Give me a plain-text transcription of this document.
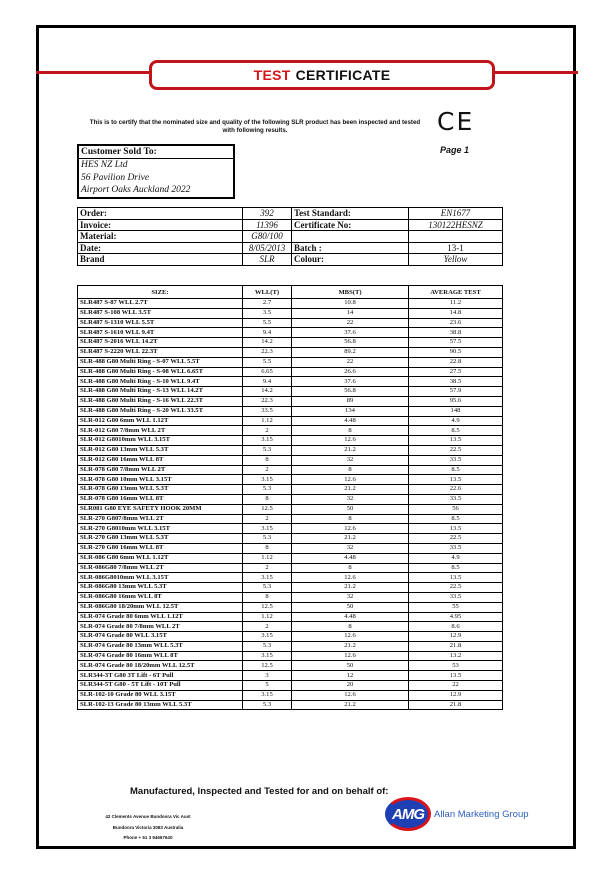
TEST CERTIFICATE
This is to certify that the nominated size and quality of the following SLR product has been inspected and tested with following results.	CE
Page 1
Customer Sold To:
HES NZ Ltd
56 Pavilion Drive
Airport Oaks Auckland 2022
Order:	392	Test Standard:	EN1677
Invoice:	11396	Certificate No:	130122HESNZ
Material:	G80/100		
Date:	8/05/2013	Batch :	13-1
Brand	SLR	Colour:	Yellow
SIZE:	WLL(T)	MBS(T)	AVERAGE TEST
SLR487 S-87 WLL 2.7T	2.7	10.8	11.2
SLR487 S-108 WLL 3.5T	3.5	14	14.8
SLR487 S-1310 WLL 5.5T	5.5	22	23.6
SLR487 S-1610 WLL 9.4T	9.4	37.6	38.8
SLR487 S-2016 WLL 14.2T	14.2	56.8	57.5
SLR487 S-2220 WLL 22.3T	22.3	89.2	90.5
SLR-488 G80 Multi Ring - S-07 WLL 5.5T	5.5	22	22.8
SLR-488 G80 Multi Ring - S-08 WLL 6.65T	6.65	26.6	27.5
SLR-488 G80 Multi Ring - S-10 WLL 9.4T	9.4	37.6	38.5
SLR-488 G80 Multi Ring - S-13 WLL 14.2T	14.2	56.8	57.9
SLR-488 G80 Multi Ring - S-16 WLL 22.3T	22.3	89	95.6
SLR-488 G80 Multi Ring - S-20 WLL 33.5T	33.5	134	148
SLR-012 G80 6mm WLL 1.12T	1.12	4.48	4.9
SLR-012 G80 7/8mm WLL 2T	2	8	8.5
SLR-012 G8010mm WLL 3.15T	3.15	12.6	13.5
SLR-012 G80 13mm WLL 5.3T	5.3	21.2	22.5
SLR-012 G80 16mm WLL 8T	8	32	33.5
SLR-078 G80 7/8mm WLL 2T	2	8	8.5
SLR-078 G80 10mm WLL 3.15T	3.15	12.6	13.5
SLR-078 G80 13mm WLL 5.3T	5.3	21.2	22.6
SLR-078 G80 16mm WLL 8T	8	32	33.5
SLR081 G80 EYE SAFETY HOOK 20MM	12.5	50	56
SLR-270 G807/8mm WLL 2T	2	8	8.5
SLR-270 G8010mm WLL 3.15T	3.15	12.6	13.5
SLR-270 G80 13mm WLL 5.3T	5.3	21.2	22.5
SLR-270 G80 16mm WLL 8T	8	32	33.5
SLR-086 G80 6mm WLL 1.12T	1.12	4.48	4.9
SLR-086G80 7/8mm WLL 2T	2	8	8.5
SLR-086G8010mm WLL 3.15T	3.15	12.6	13.5
SLR-086G80 13mm WLL 5.3T	5.3	21.2	22.5
SLR-086G80 16mm WLL 8T	8	32	33.5
SLR-086G80 18/20mm WLL 12.5T	12.5	50	55
SLR-074 Grade 80 6mm WLL 1.12T	1.12	4.48	4.95
SLR-074 Grade 80 7/8mm WLL 2T	2	8	8.6
SLR-074 Grade 80 WLL 3.15T	3.15	12.6	12.9
SLR-074 Grade 80 13mm WLL 5.3T	5.3	21.2	21.8
SLR-074 Grade 80 16mm WLL 8T	3.15	12.6	13.2
SLR-074 Grade 80 18/20mm WLL 12.5T	12.5	50	53
SLR344-3T G80 3T Lift - 6T Pull	3	12	13.5
SLR344-5T G80 - 5T Lift - 10T Pull	5	20	22
SLR-102-10 Grade 80 WLL 3.15T	3.15	12.6	12.9
SLR-102-13 Grade 80 13mm WLL 5.3T	5.3	21.2	21.8
Manufactured, Inspected and Tested for and on behalf of:
42 Clements Avenue Bundoora Vic Aust
Bundoora Victoria 3083 Australia
Phone + 61 3 94667640
AMG	Allan Marketing Group
